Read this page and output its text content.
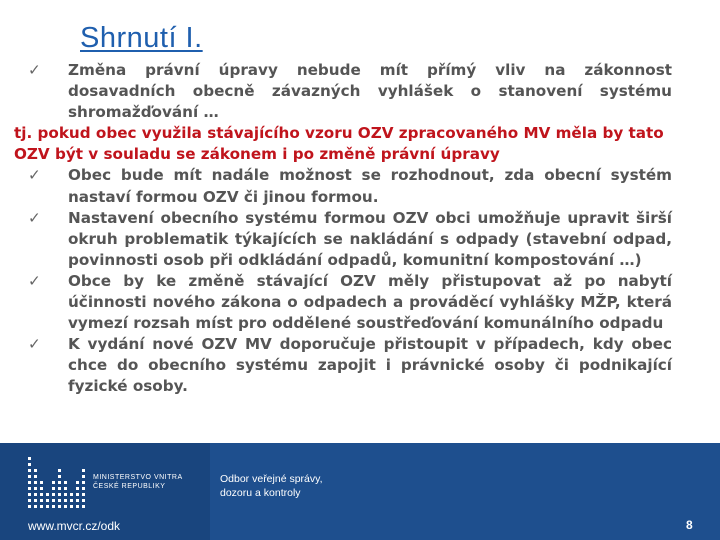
Shrnutí I.
✓ Změna právní úpravy nebude mít přímý vliv na zákonnost dosavadních obecně závazných vyhlášek o stanovení systému shromažďování …
tj. pokud obec využila stávajícího vzoru OZV zpracovaného MV měla by tato OZV být v souladu se zákonem i po změně právní úpravy
✓ Obec bude mít nadále možnost se rozhodnout, zda obecní systém nastaví formou OZV či jinou formou.
✓ Nastavení obecního systému formou OZV obci umožňuje upravit širší okruh problematik týkajících se nakládání s odpady (stavební odpad, povinnosti osob při odkládání odpadů, komunitní kompostování …)
✓ Obce by ke změně stávající OZV měly přistupovat až po nabytí účinnosti nového zákona o odpadech a prováděcí vyhlášky MŽP, která vymezí rozsah míst pro oddělené soustřeďování komunálního odpadu
✓ K vydání nové OZV MV doporučuje přistoupit v případech, kdy obec chce do obecního systému zapojit i právnické osoby či podnikající fyzické osoby.
MINISTERSTVO VNITRA
ČESKÉ REPUBLIKY
Odbor veřejné správy,
dozoru a kontroly
www.mvcr.cz/odk	8
